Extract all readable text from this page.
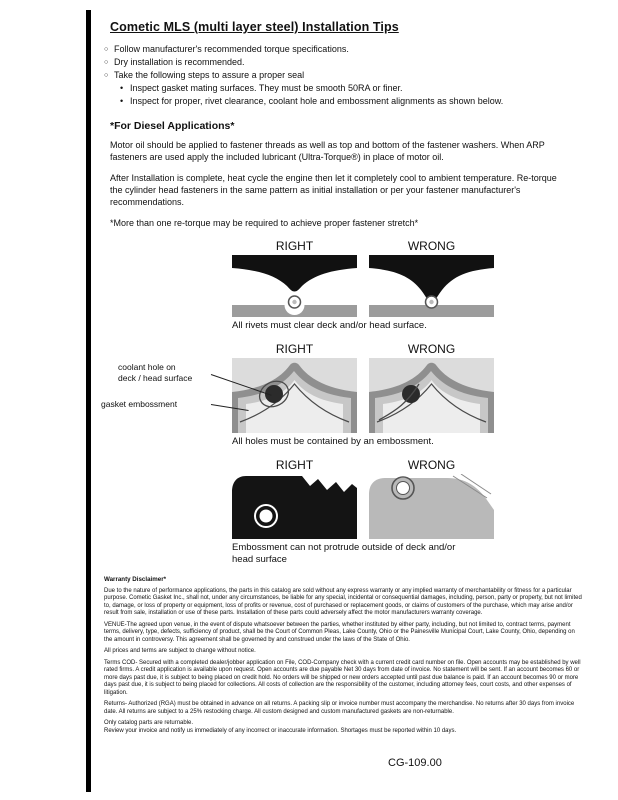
Cometic MLS (multi layer steel) Installation Tips
○ Follow manufacturer's recommended torque specifications.
○ Dry installation is recommended.
○ Take the following steps to assure a proper seal
• Inspect gasket mating surfaces. They must be smooth 50RA or finer.
• Inspect for proper, rivet clearance, coolant hole and embossment alignments as shown below.
*For Diesel Applications*

Motor oil should be applied to fastener threads as well as top and bottom of the fastener washers. When ARP fasteners are used apply the included lubricant (Ultra-Torque®) in place of motor oil.

After Installation is complete, heat cycle the engine then let it completely cool to ambient temperature. Re-torque the cylinder head fasteners in the same pattern as initial installation or per your fastener manufacturer's recommendations.

*More than one re-torque may be required to achieve proper fastener stretch*

RIGHT	WRONG
All rivets must clear deck and/or head surface.
coolant hole on
deck / head surface
gasket embossment
RIGHT	WRONG
All holes must be contained by an embossment.
RIGHT	WRONG
Embossment can not protrude outside of deck and/or head surface
Warranty Disclaimer*

Due to the nature of performance applications, the parts in this catalog are sold without any express warranty or any implied warranty of merchantability or fitness for a particular purpose. Cometic Gasket Inc., shall not, under any circumstances, be liable for any special, incidental or consequential damages, including, person, party or property, but not limited to, damage, or loss of property or equipment, loss of profits or revenue, cost of purchased or replacement goods, or claims of customers of the purchase, which may arise and/or result from sale, installation or use of these parts. Installation of these parts could adversely affect the motor manufacturers warranty coverage.

VENUE-The agreed upon venue, in the event of dispute whatsoever between the parties, whether instituted by either party, including, but not limited to, contract terms, payment terms, delivery, type, defects, sufficiency of product, shall be the Court of Common Pleas, Lake County, Ohio or the Painesville Municipal Court, Lake County, Ohio, depending on the amount in controversy. This agreement shall be governed by and construed under the laws of the State of Ohio.

All prices and terms are subject to change without notice.

Terms COD- Secured with a completed dealer/jobber application on File, COD-Company check with a current credit card number on file. Open accounts may be established by well rated firms. A credit application is available upon request. Open accounts are due payable Net 30 days from date of invoice. No statement will be sent. If an account becomes 60 or more days past due, it is subject to being placed on credit hold. No orders will be shipped or new orders accepted until past due balance is paid. If an account becomes 90 or more days past due, it is subject to being placed for collections. All costs of collection are the responsibility of the customer, including attorney fees, court costs, and other expenses of litigation.

Returns- Authorized (RGA) must be obtained in advance on all returns. A packing slip or invoice number must accompany the merchandise. No returns after 30 days from invoice date. All returns are subject to a 25% restocking charge. All custom designed and custom manufactured gaskets are non-returnable.

Only catalog parts are returnable.

Review your invoice and notify us immediately of any incorrect or inaccurate information. Shortages must be reported within 10 days.

CG-109.00
